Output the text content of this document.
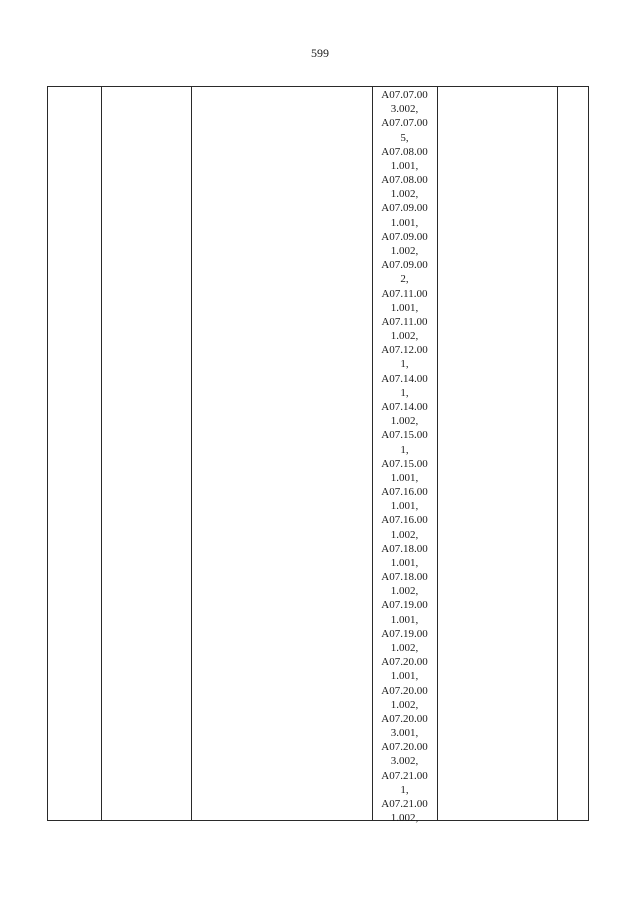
599
A07.07.00
3.002,
A07.07.00
5,
A07.08.00
1.001,
A07.08.00
1.002,
A07.09.00
1.001,
A07.09.00
1.002,
A07.09.00
2,
A07.11.00
1.001,
A07.11.00
1.002,
A07.12.00
1,
A07.14.00
1,
A07.14.00
1.002,
A07.15.00
1,
A07.15.00
1.001,
A07.16.00
1.001,
A07.16.00
1.002,
A07.18.00
1.001,
A07.18.00
1.002,
A07.19.00
1.001,
A07.19.00
1.002,
A07.20.00
1.001,
A07.20.00
1.002,
A07.20.00
3.001,
A07.20.00
3.002,
A07.21.00
1,
A07.21.00
1.002,
